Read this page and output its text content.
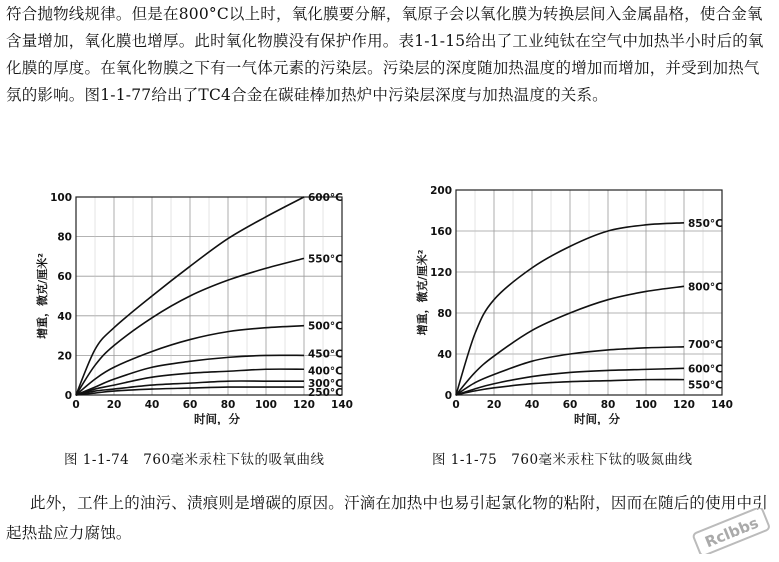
符合抛物线规律。但是在800°C以上时，氧化膜要分解，氧原子会以氧化膜为转换层间入金属晶格，使合金氧含量增加，氧化膜也增厚。此时氧化物膜没有保护作用。表1-1-15给出了工业纯钛在空气中加热半小时后的氧化膜的厚度。在氧化物膜之下有一气体元素的污染层。污染层的深度随加热温度的增加而增加，并受到加热气氛的影响。图1-1-77给出了TC4合金在碳硅棒加热炉中污染层深度与加热温度的关系。

0	20 40 60 80 100 120 140
0
20
40
60
80
100
时间，分
增重，微克/厘米²
600°C
550°C
500°C
450°C
400°C
300°C
250°C
0	20 40 60 80 100 120 140
0
40
80
120
160
200
时间，分
增重，微克/厘米²
850°C
800°C
700°C
600°C
550°C
图 1-1-74　760毫米汞柱下钛的吸氧曲线	图 1-1-75　760毫米汞柱下钛的吸氮曲线

此外，工件上的油污、渍痕则是增碳的原因。汗滴在加热中也易引起氯化物的粘附，因而在随后的使用中引起热盐应力腐蚀。	Rclbbs
